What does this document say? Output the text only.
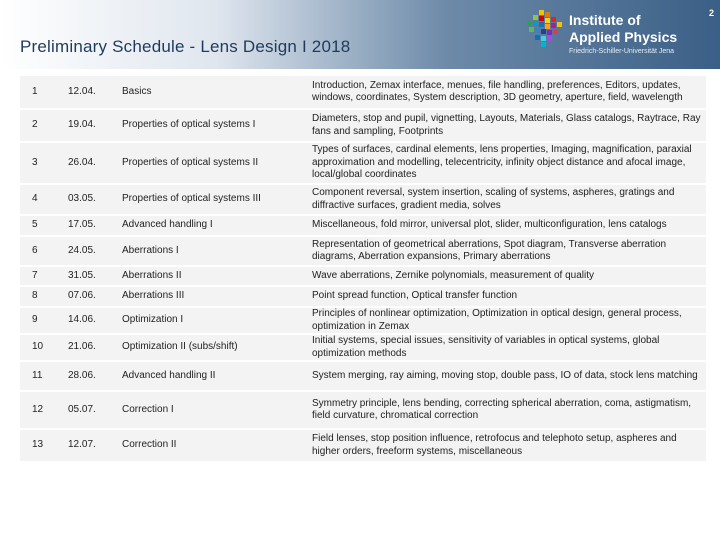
Preliminary Schedule - Lens Design I 2018
Institute of
Applied Physics
Friedrich-Schiller-Universität Jena
2
1	12.04.	Basics	Introduction, Zemax interface, menues, file handling, preferences, Editors, updates, windows, coordinates, System description, 3D geometry, aperture, field, wavelength
2	19.04.	Properties of optical systems I	Diameters, stop and pupil, vignetting, Layouts, Materials, Glass catalogs, Raytrace, Ray fans and sampling, Footprints
3	26.04.	Properties of optical systems II	Types of surfaces, cardinal elements, lens properties, Imaging, magnification, paraxial approximation and modelling, telecentricity, infinity object distance and afocal image, local/global coordinates
4	03.05.	Properties of optical systems III	Component reversal, system insertion, scaling of systems, aspheres, gratings and diffractive surfaces, gradient media, solves
5	17.05.	Advanced handling I	Miscellaneous, fold mirror, universal plot, slider, multiconfiguration, lens catalogs
6	24.05.	Aberrations I	Representation of geometrical aberrations, Spot diagram, Transverse aberration diagrams, Aberration expansions, Primary aberrations
7	31.05.	Aberrations II	Wave aberrations, Zernike polynomials, measurement of quality
8	07.06.	Aberrations III	Point spread function, Optical transfer function
9	14.06.	Optimization I	Principles of nonlinear optimization, Optimization in optical design, general process, optimization in Zemax
10	21.06.	Optimization II (subs/shift)	Initial systems, special issues, sensitivity of variables in optical systems, global optimization methods
11	28.06.	Advanced handling II	System merging, ray aiming, moving stop, double pass, IO of data, stock lens matching
12	05.07.	Correction I	Symmetry principle, lens bending, correcting spherical aberration, coma, astigmatism, field curvature, chromatical correction
13	12.07.	Correction II	Field lenses, stop position influence, retrofocus and telephoto setup, aspheres and higher orders, freeform systems, miscellaneous
